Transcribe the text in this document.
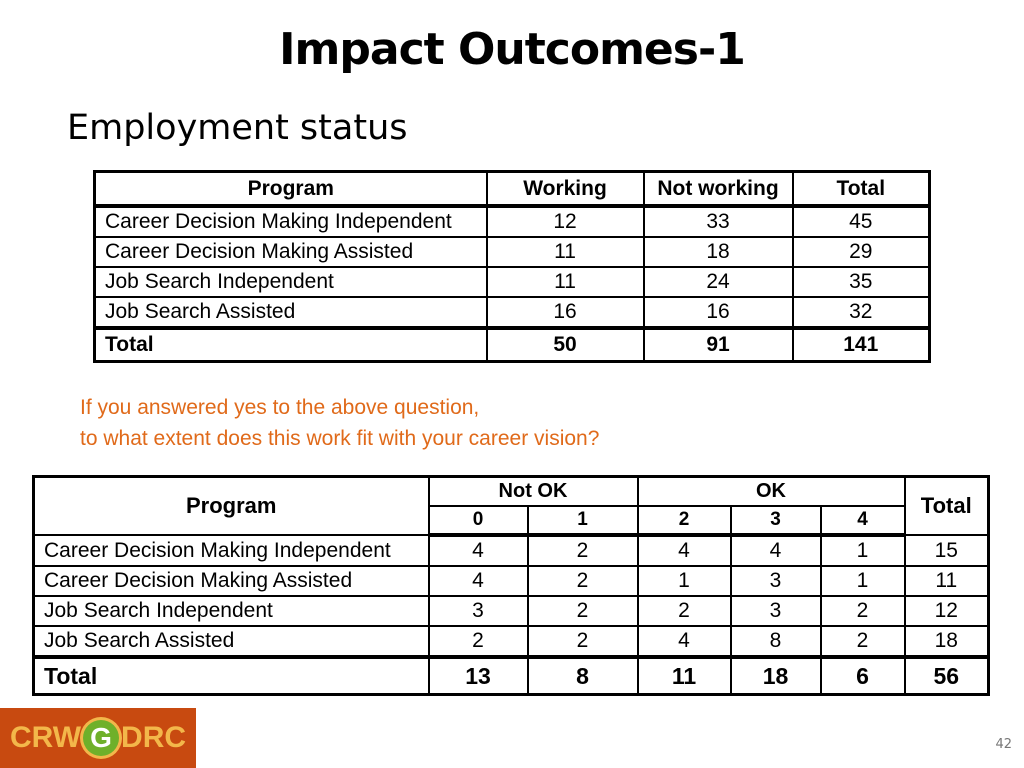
Impact Outcomes-1
Employment status
Program	Working	Not working	Total
Career Decision Making Independent	12	33	45
Career Decision Making Assisted	11	18	29
Job Search Independent	11	24	35
Job Search Assisted	16	16	32
Total	50	91	141
If you answered yes to the above question,
to what extent does this work fit with your career vision?
Program	Not OK		OK			Total
	0	1	2	3	4	
Career Decision Making Independent	4	2	4	4	1	15
Career Decision Making Assisted	4	2	1	3	1	11
Job Search Independent	3	2	2	3	2	12
Job Search Assisted	2	2	4	8	2	18
Total	13	8	11	18	6	56
CRW G DRC	42
